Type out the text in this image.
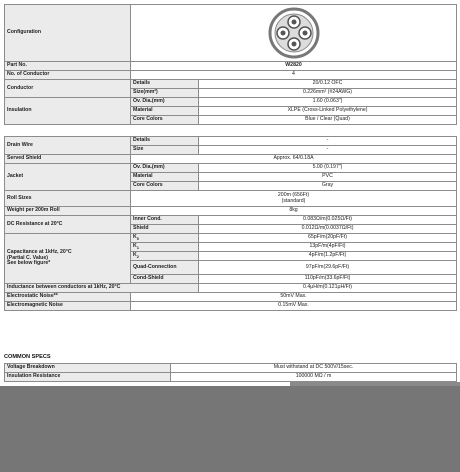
Configuration	

Part No.	W2820	
No. of Conductor	4	
Conductor	Details	20/0.12 OFC
	Size(mm²)	0.226mm² (#24AWG)
Insulation	Ov. Dia.(mm)	1.60 (0.063")
	Material	XLPE (Cross-Linked Polyethylene)
	Core Colors	Blue / Clear (Quad)
Drain Wire	Details	-
	Size	-
Served Shield	Approx. 64/0.18A	
Jacket	Ov. Dia.(mm)	5.00 (0.197")
	Material	PVC
	Core Colors	Gray
Roll Sizes	200m (656Ft)
(standard)	

Weight per 200m Roll	8kg	
DC Resistance at 20°C	Inner Cond.	0.083Ω/m(0.025Ω/Ft)
	Shield	0.012Ω/m(0.0037Ω/Ft)

Capacitance at 1kHz, 20°C
(Partial C. Value)
See below figure*	$K_0$	65pF/m(20pF/Ft)
	$K_1$	13pF/m(4pF/Ft)
	$K_2$	4pF/m(1.2pF/Ft)
	Quad-Connection	97pF/m(29.6pF/Ft)
	Cond-Shield	110pF/m(33.6pF/Ft)
Inductance between conductors at 1kHz, 20°C		0.4μH/m(0.121μH/Ft)
Electrostatic Noise**	50mV Max.	
Electromagnetic Noise	0.15mV Max.	
COMMON SPECS
Voltage Breakdown	Must withstand at DC 500V/15sec.
Insulation Resistance	100000 MΩ / m
